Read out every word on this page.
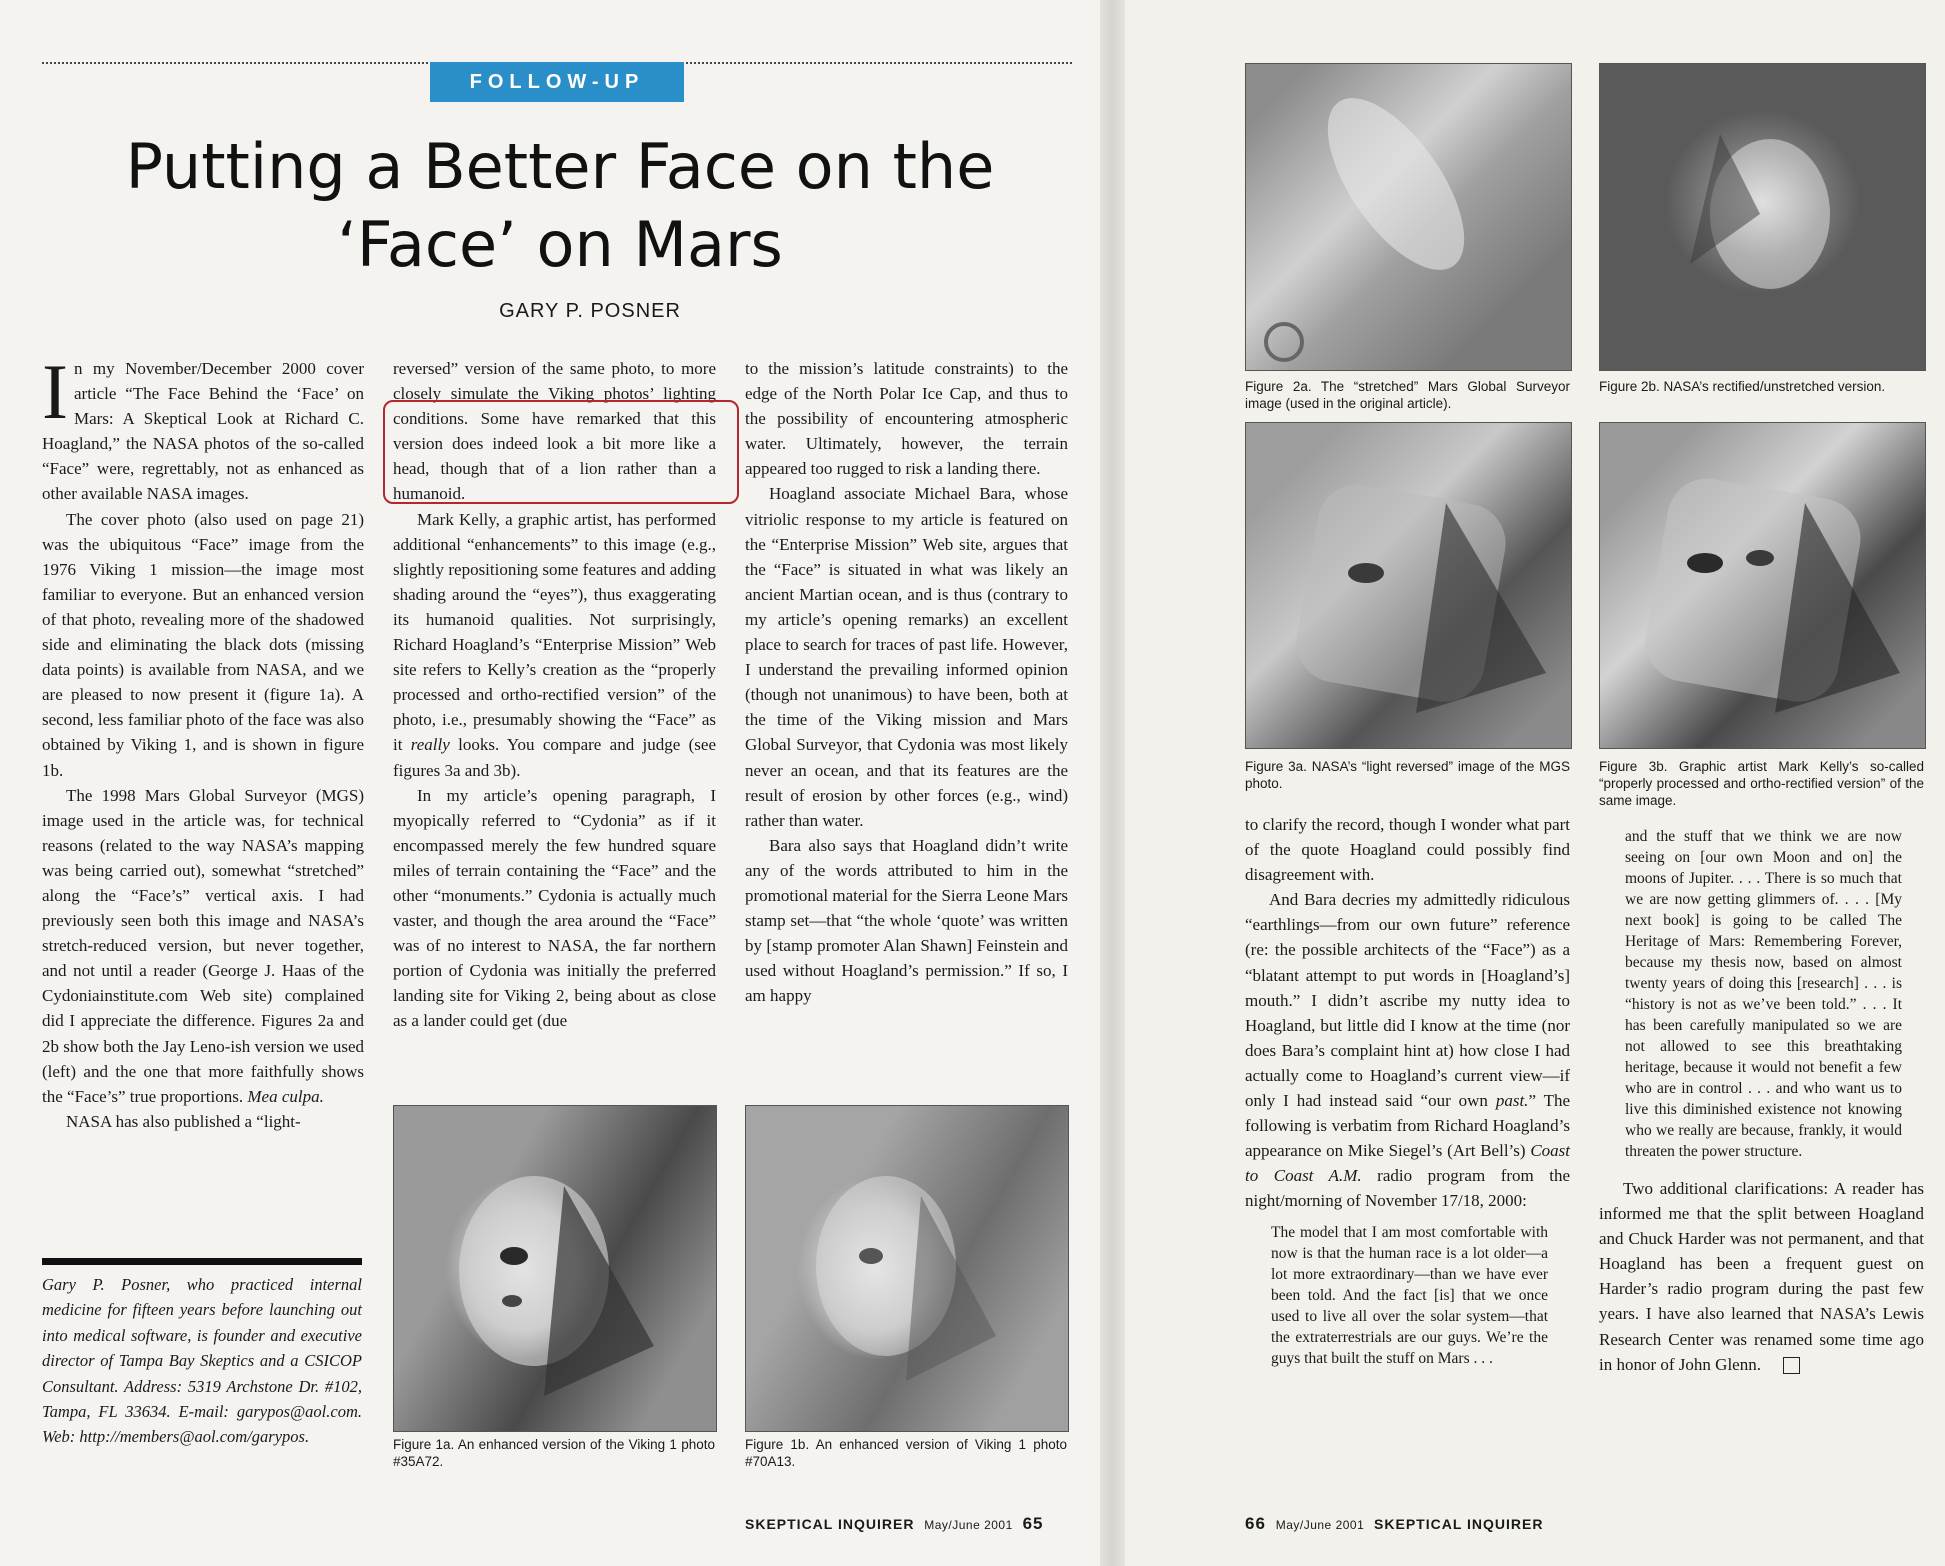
FOLLOW-UP
Putting a Better Face on the
‘Face’ on Mars
GARY P. POSNER

In my November/December 2000 cover article “The Face Behind the ‘Face’ on Mars: A Skeptical Look at Richard C. Hoagland,” the NASA photos of the so-called “Face” were, regrettably, not as enhanced as other available NASA images.

The cover photo (also used on page 21) was the ubiquitous “Face” image from the 1976 Viking 1 mission—the image most familiar to everyone. But an enhanced version of that photo, revealing more of the shadowed side and eliminating the black dots (missing data points) is available from NASA, and we are pleased to now present it (figure 1a). A second, less familiar photo of the face was also obtained by Viking 1, and is shown in figure 1b.

The 1998 Mars Global Surveyor (MGS) image used in the article was, for technical reasons (related to the way NASA’s mapping was being carried out), somewhat “stretched” along the “Face’s” vertical axis. I had previously seen both this image and NASA’s stretch-reduced version, but never together, and not until a reader (George J. Haas of the Cydoniainstitute.com Web site) complained did I appreciate the difference. Figures 2a and 2b show both the Jay Leno-ish version we used (left) and the one that more faithfully shows the “Face’s” true proportions. Mea culpa.

NASA has also published a “light-

Gary P. Posner, who practiced internal medicine for fifteen years before launching out into medical software, is founder and executive director of Tampa Bay Skeptics and a CSICOP Consultant. Address: 5319 Archstone Dr. #102, Tampa, FL 33634. E-mail: garypos@aol.com. Web: http://members@aol.com/garypos.

reversed” version of the same photo, to more closely simulate the Viking photos’ lighting conditions. Some have remarked that this version does indeed look a bit more like a head, though that of a lion rather than a humanoid.

Mark Kelly, a graphic artist, has performed additional “enhancements” to this image (e.g., slightly repositioning some features and adding shading around the “eyes”), thus exaggerating its humanoid qualities. Not surprisingly, Richard Hoagland’s “Enterprise Mission” Web site refers to Kelly’s creation as the “properly processed and ortho-rectified version” of the photo, i.e., presumably showing the “Face” as it really looks. You compare and judge (see figures 3a and 3b).

In my article’s opening paragraph, I myopically referred to “Cydonia” as if it encompassed merely the few hundred square miles of terrain containing the “Face” and the other “monuments.” Cydonia is actually much vaster, and though the area around the “Face” was of no interest to NASA, the far northern portion of Cydonia was initially the preferred landing site for Viking 2, being about as close as a lander could get (due

to the mission’s latitude constraints) to the edge of the North Polar Ice Cap, and thus to the possibility of encountering atmospheric water. Ultimately, however, the terrain appeared too rugged to risk a landing there.

Hoagland associate Michael Bara, whose vitriolic response to my article is featured on the “Enterprise Mission” Web site, argues that the “Face” is situated in what was likely an ancient Martian ocean, and is thus (contrary to my article’s opening remarks) an excellent place to search for traces of past life. However, I understand the prevailing informed opinion (though not unanimous) to have been, both at the time of the Viking mission and Mars Global Surveyor, that Cydonia was most likely never an ocean, and that its features are the result of erosion by other forces (e.g., wind) rather than water.

Bara also says that Hoagland didn’t write any of the words attributed to him in the promotional material for the Sierra Leone Mars stamp set—that “the whole ‘quote’ was written by [stamp promoter Alan Shawn] Feinstein and used without Hoagland’s permission.” If so, I am happy

Figure 1a. An enhanced version of the Viking 1 photo #35A72.
Figure 1b. An enhanced version of Viking 1 photo #70A13.
SKEPTICAL INQUIRER May/June 2001 65
Figure 2a. The “stretched” Mars Global Surveyor image (used in the original article).
Figure 2b. NASA’s rectified/unstretched version.
Figure 3a. NASA’s “light reversed” image of the MGS photo.
Figure 3b. Graphic artist Mark Kelly’s so-called “properly processed and ortho-rectified version” of the same image.

to clarify the record, though I wonder what part of the quote Hoagland could possibly find disagreement with.

And Bara decries my admittedly ridiculous “earthlings—from our own future” reference (re: the possible architects of the “Face”) as a “blatant attempt to put words in [Hoagland’s] mouth.” I didn’t ascribe my nutty idea to Hoagland, but little did I know at the time (nor does Bara’s complaint hint at) how close I had actually come to Hoagland’s current view—if only I had instead said “our own past.” The following is verbatim from Richard Hoagland’s appearance on Mike Siegel’s (Art Bell’s) Coast to Coast A.M. radio program from the night/morning of November 17/18, 2000:

The model that I am most comfortable with now is that the human race is a lot older—a lot more extraordinary—than we have ever been told. And the fact [is] that we once used to live all over the solar system—that the extraterrestrials are our guys. We’re the guys that built the stuff on Mars . . .

and the stuff that we think we are now seeing on [our own Moon and on] the moons of Jupiter. . . . There is so much that we are now getting glimmers of. . . . [My next book] is going to be called The Heritage of Mars: Remembering Forever, because my thesis now, based on almost twenty years of doing this [research] . . . is “history is not as we’ve been told.” . . . It has been carefully manipulated so we are not allowed to see this breathtaking heritage, because it would not benefit a few who are in control . . . and who want us to live this diminished existence not knowing who we really are because, frankly, it would threaten the power structure.

Two additional clarifications: A reader has informed me that the split between Hoagland and Chuck Harder was not permanent, and that Hoagland has been a frequent guest on Harder’s radio program during the past few years. I have also learned that NASA’s Lewis Research Center was renamed some time ago in honor of John Glenn.

66 May/June 2001 SKEPTICAL INQUIRER
